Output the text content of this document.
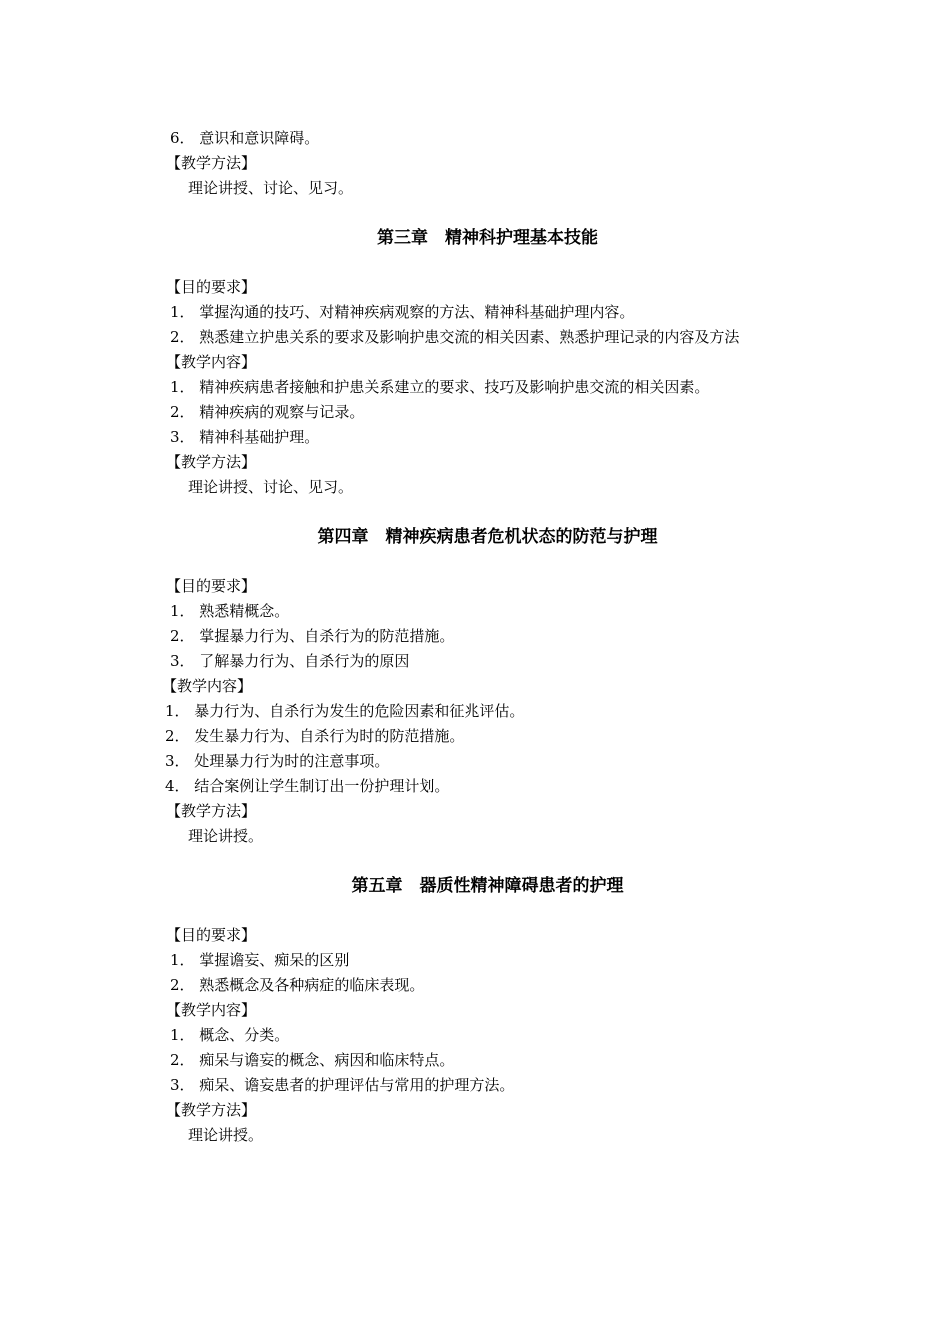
6． 意识和意识障碍。
【教学方法】
理论讲授、讨论、见习。
第三章　精神科护理基本技能
【目的要求】
1． 掌握沟通的技巧、对精神疾病观察的方法、精神科基础护理内容。
2． 熟悉建立护患关系的要求及影响护患交流的相关因素、熟悉护理记录的内容及方法
【教学内容】
1． 精神疾病患者接触和护患关系建立的要求、技巧及影响护患交流的相关因素。
2． 精神疾病的观察与记录。
3． 精神科基础护理。
【教学方法】
理论讲授、讨论、见习。
第四章　精神疾病患者危机状态的防范与护理
【目的要求】
1． 熟悉精概念。
2． 掌握暴力行为、自杀行为的防范措施。
3． 了解暴力行为、自杀行为的原因
【教学内容】
1． 暴力行为、自杀行为发生的危险因素和征兆评估。
2． 发生暴力行为、自杀行为时的防范措施。
3． 处理暴力行为时的注意事项。
4． 结合案例让学生制订出一份护理计划。
【教学方法】
理论讲授。
第五章　器质性精神障碍患者的护理
【目的要求】
1． 掌握谵妄、痴呆的区别
2． 熟悉概念及各种病症的临床表现。
【教学内容】
1． 概念、分类。
2． 痴呆与谵妄的概念、病因和临床特点。
3． 痴呆、谵妄患者的护理评估与常用的护理方法。
【教学方法】
理论讲授。
